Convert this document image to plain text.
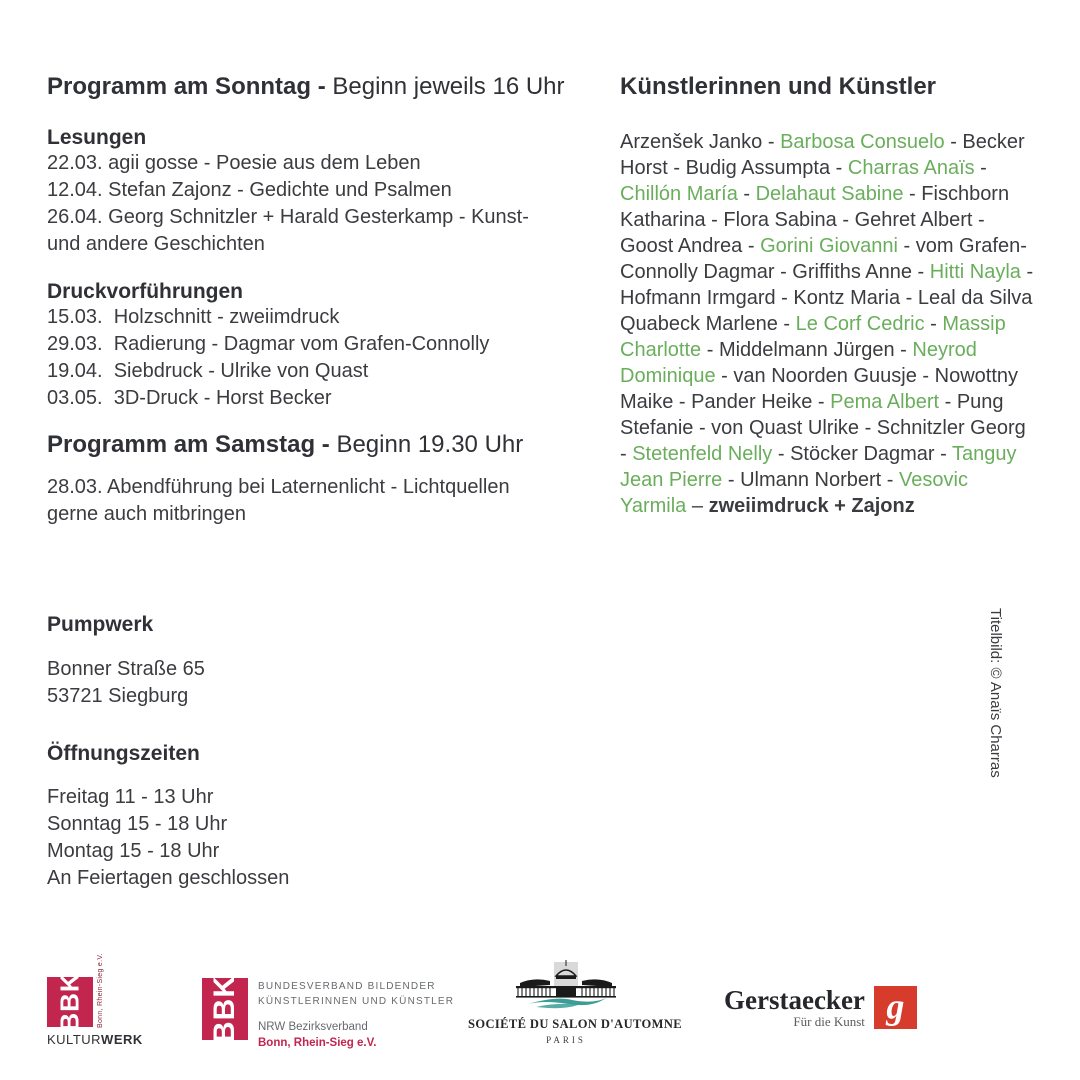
Programm am Sonntag - Beginn jeweils 16 Uhr
Lesungen
22.03. agii gosse - Poesie aus dem Leben
12.04. Stefan Zajonz - Gedichte und Psalmen
26.04. Georg Schnitzler + Harald Gesterkamp - Kunst- und andere Geschichten
Druckvorführungen
15.03.  Holzschnitt - zweiimdruck
29.03.  Radierung - Dagmar vom Grafen-Connolly
19.04.  Siebdruck - Ulrike von Quast
03.05.  3D-Druck - Horst Becker
Programm am Samstag - Beginn 19.30 Uhr

28.03. Abendführung bei Laternenlicht - Lichtquellen gerne auch mitbringen

Pumpwerk
Bonner Straße 65
53721 Siegburg
Öffnungszeiten
Freitag 11 - 13 Uhr
Sonntag 15 - 18 Uhr
Montag 15 - 18 Uhr
An Feiertagen geschlossen
Künstlerinnen und Künstler

Arzenšek Janko - Barbosa Consuelo - Becker Horst - Budig Assumpta - Charras Anaïs - Chillón María - Delahaut Sabine - Fischborn Katharina - Flora Sabina - Gehret Albert - Goost Andrea - Gorini Giovanni - vom Grafen-Connolly Dagmar - Griffiths Anne - Hitti Nayla - Hofmann Irmgard - Kontz Maria - Leal da Silva Quabeck Marlene - Le Corf Cedric - Massip Charlotte - Middelmann Jürgen - Neyrod Dominique - van Noorden Guusje - Nowottny Maike - Pander Heike - Pema Albert - Pung Stefanie - von Quast Ulrike - Schnitzler Georg - Stetenfeld Nelly - Stöcker Dagmar - Tanguy Jean Pierre - Ulmann Norbert - Vesovic Yarmila – zweiimdruck + Zajonz

Titelbild: © Anaïs Charras
BBK Bonn, Rhein-Sieg e.V.
KULTURWERK BBK BUNDESVERBAND BILDENDER
KÜNSTLERINNEN UND KÜNSTLER
NRW Bezirksverband
Bonn, Rhein-Sieg e.V.
SOCIÉTÉ DU SALON D'AUTOMNE
PARIS
Gerstaecker
Für die Kunst g
